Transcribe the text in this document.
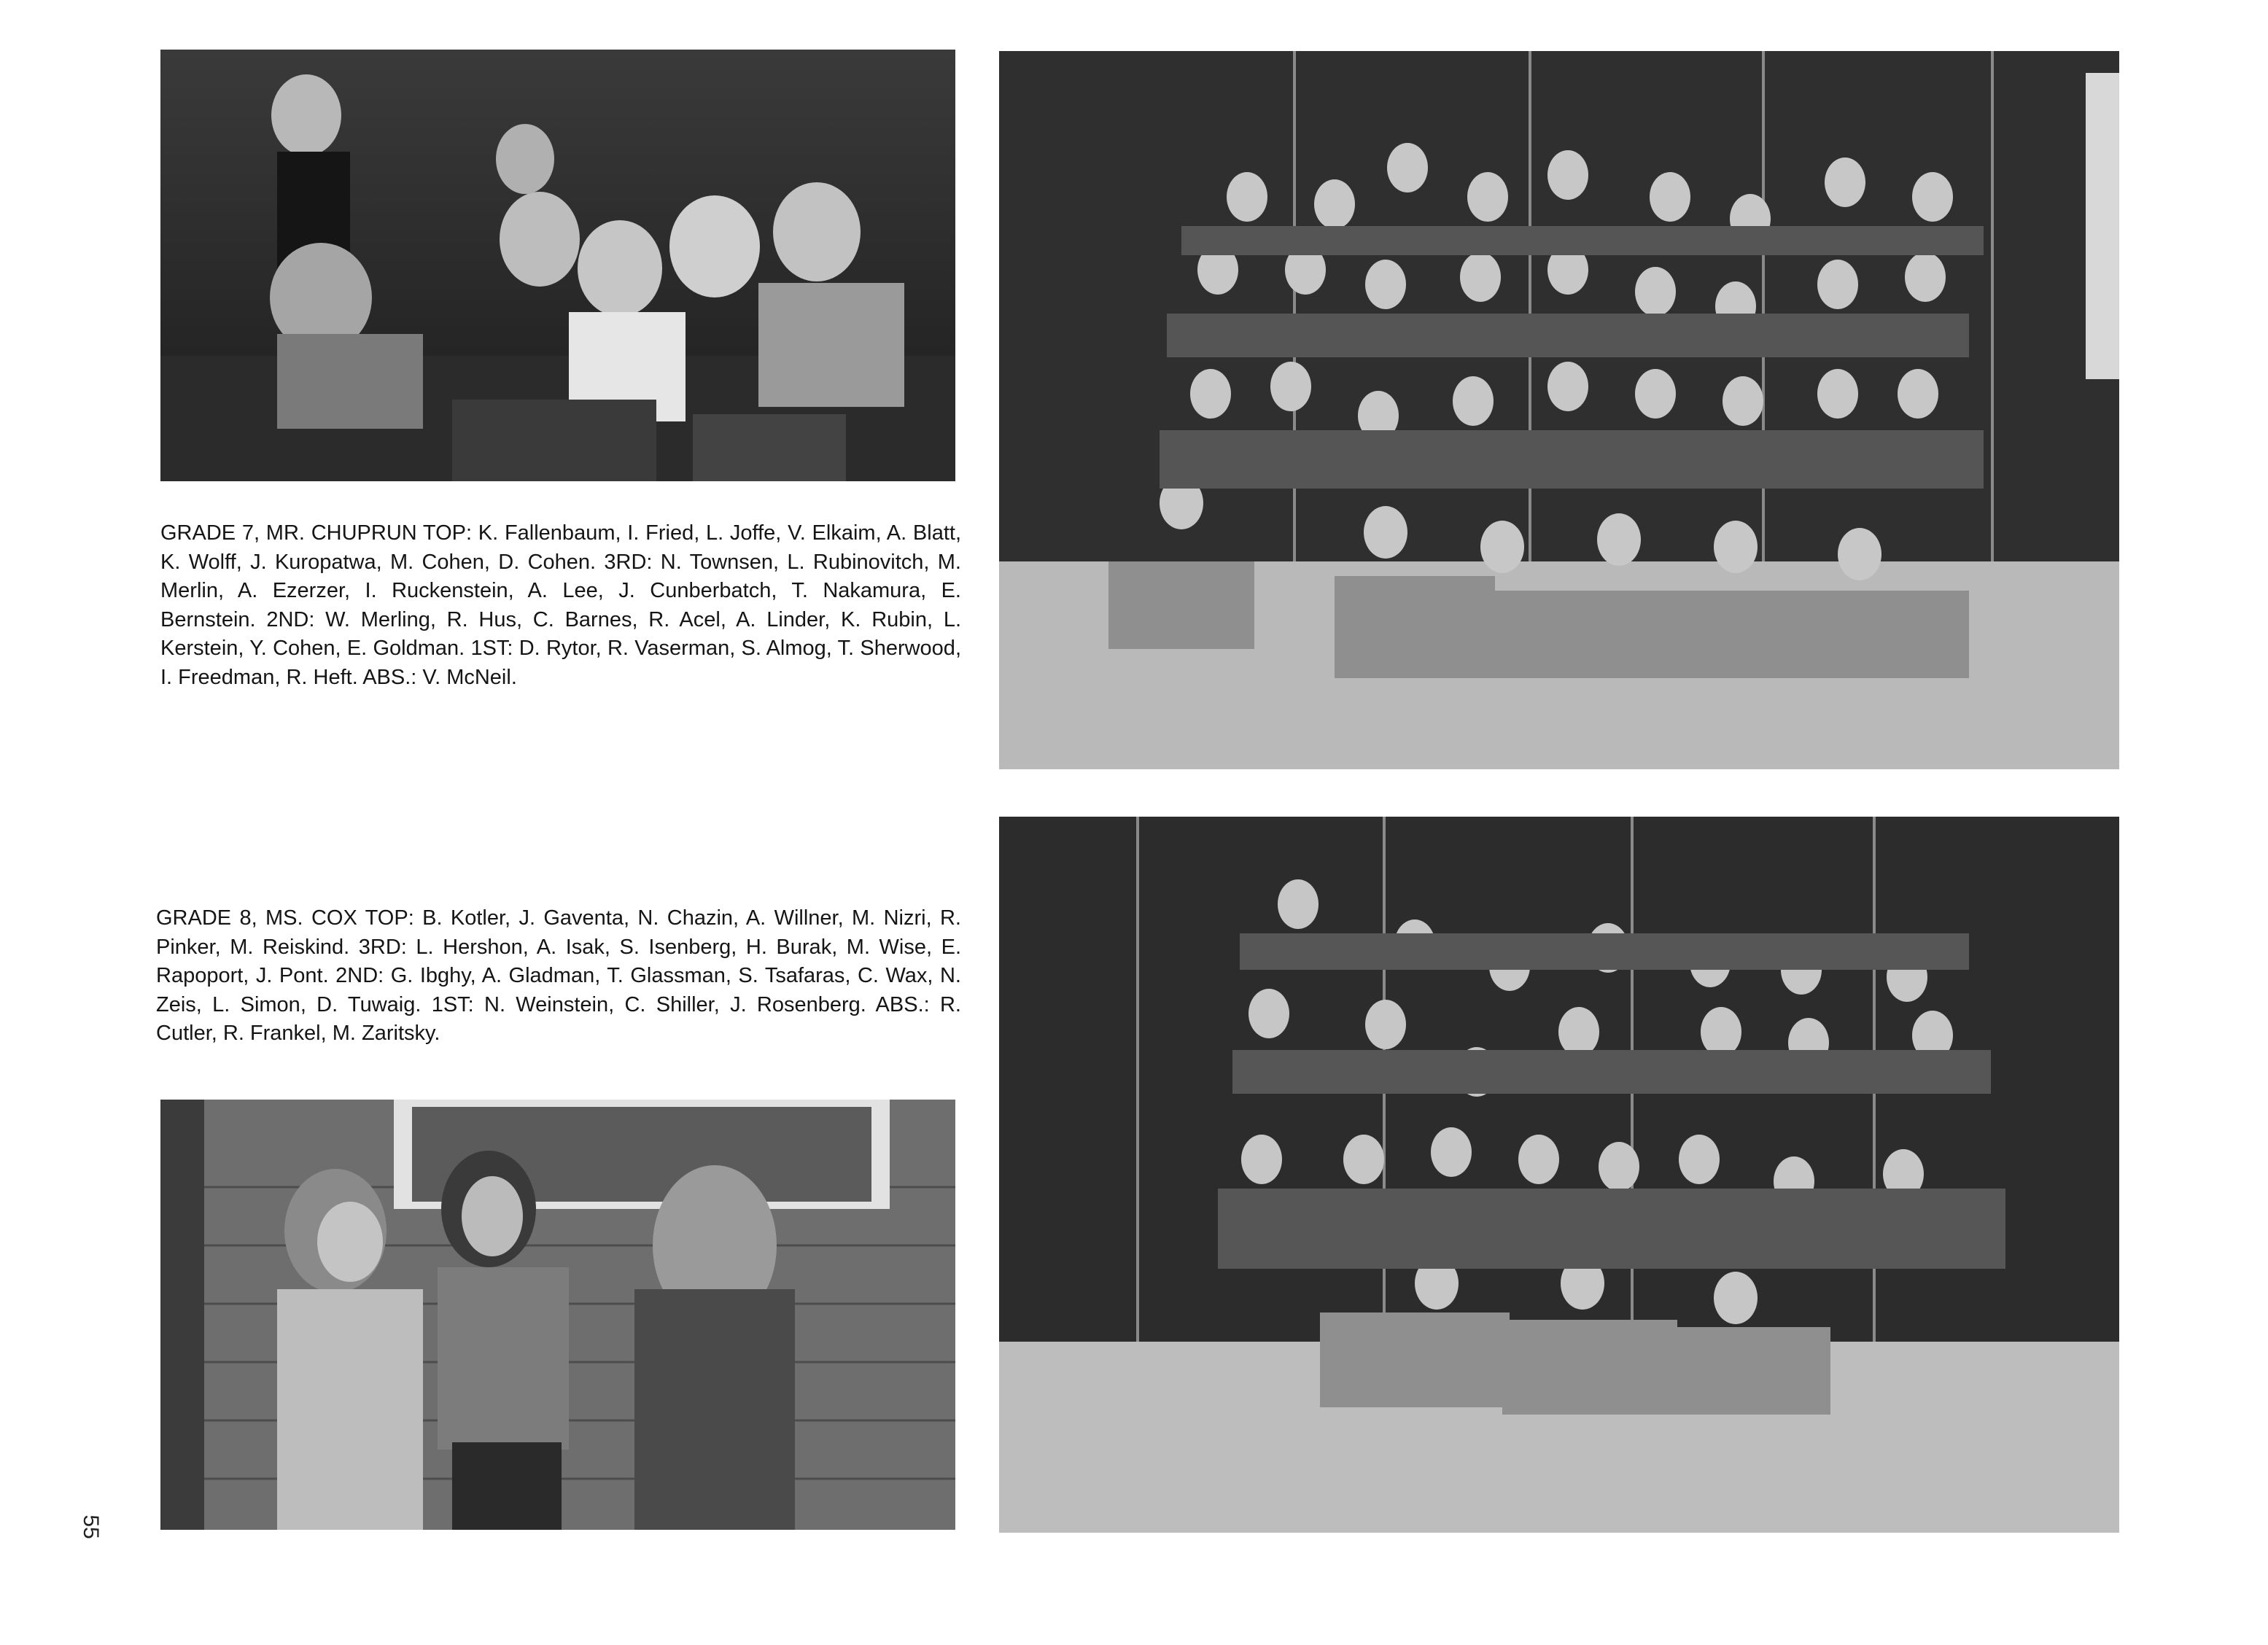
GRADE 7, MR. CHUPRUN TOP: K. Fallenbaum, I. Fried, L. Joffe, V. Elkaim, A. Blatt, K. Wolff, J. Kuropatwa, M. Cohen, D. Cohen. 3RD: N. Townsen, L. Rubinovitch, M. Merlin, A. Ezerzer, I. Ruckenstein, A. Lee, J. Cunberbatch, T. Nakamura, E. Bernstein. 2ND: W. Merling, R. Hus, C. Barnes, R. Acel, A. Linder, K. Rubin, L. Kerstein, Y. Cohen, E. Goldman. 1ST: D. Rytor, R. Vaserman, S. Almog, T. Sherwood, I. Freedman, R. Heft. ABS.: V. McNeil.

GRADE 8, MS. COX TOP: B. Kotler, J. Gaventa, N. Chazin, A. Willner, M. Nizri, R. Pinker, M. Reiskind. 3RD: L. Hershon, A. Isak, S. Isenberg, H. Burak, M. Wise, E. Rapoport, J. Pont. 2ND: G. Ibghy, A. Gladman, T. Glassman, S. Tsafaras, C. Wax, N. Zeis, L. Simon, D. Tuwaig. 1ST: N. Weinstein, C. Shiller, J. Rosenberg. ABS.: R. Cutler, R. Frankel, M. Zaritsky.

55
